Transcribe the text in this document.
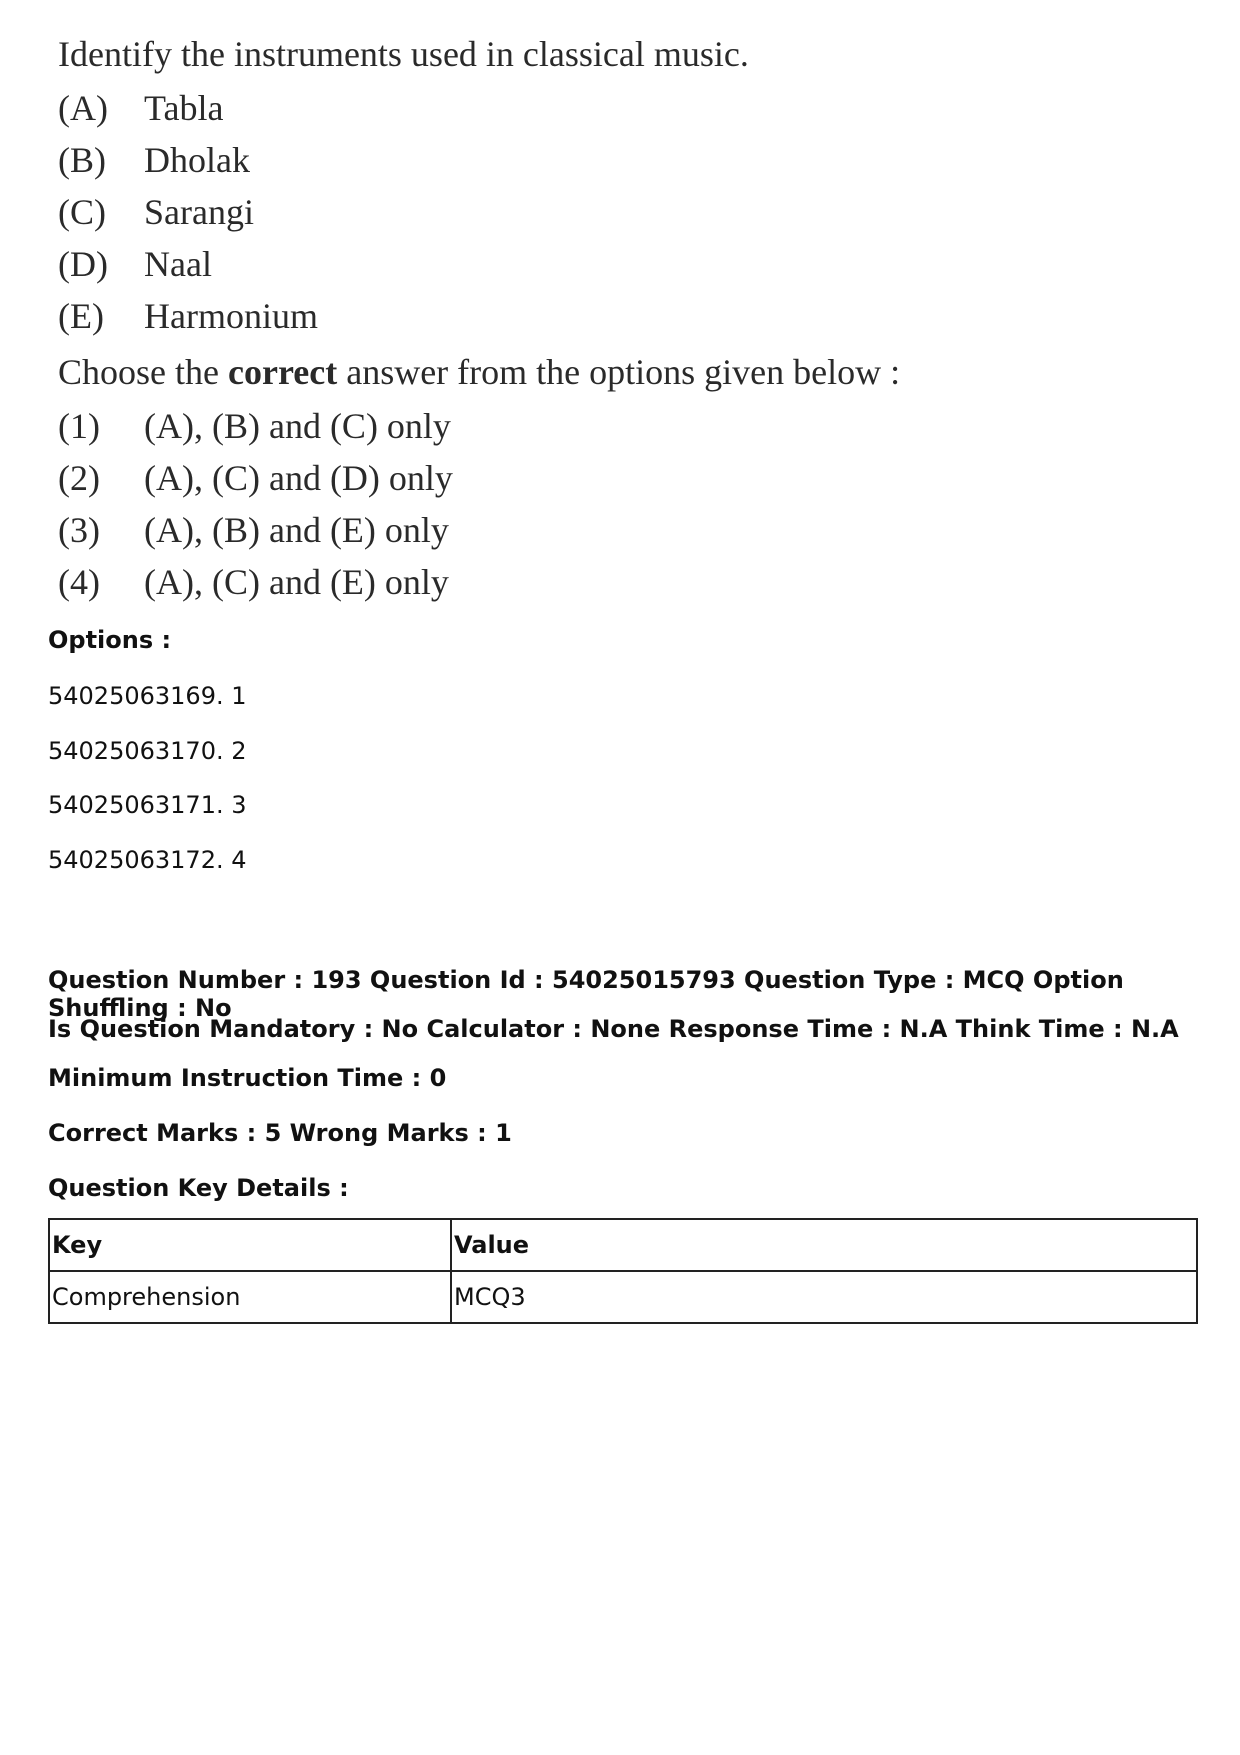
Identify the instruments used in classical music.
(A)	Tabla
(B)	Dholak
(C)	Sarangi
(D)	Naal
(E)	Harmonium
Choose the correct answer from the options given below :
(1)	(A), (B) and (C) only
(2)	(A), (C) and (D) only
(3)	(A), (B) and (E) only
(4)	(A), (C) and (E) only
Options :
54025063169. 1
54025063170. 2
54025063171. 3
54025063172. 4
Question Number : 193 Question Id : 54025015793 Question Type : MCQ Option Shuffling : No
Is Question Mandatory : No Calculator : None Response Time : N.A Think Time : N.A
Minimum Instruction Time : 0
Correct Marks : 5 Wrong Marks : 1
Question Key Details :
Key	Value
Comprehension	MCQ3
